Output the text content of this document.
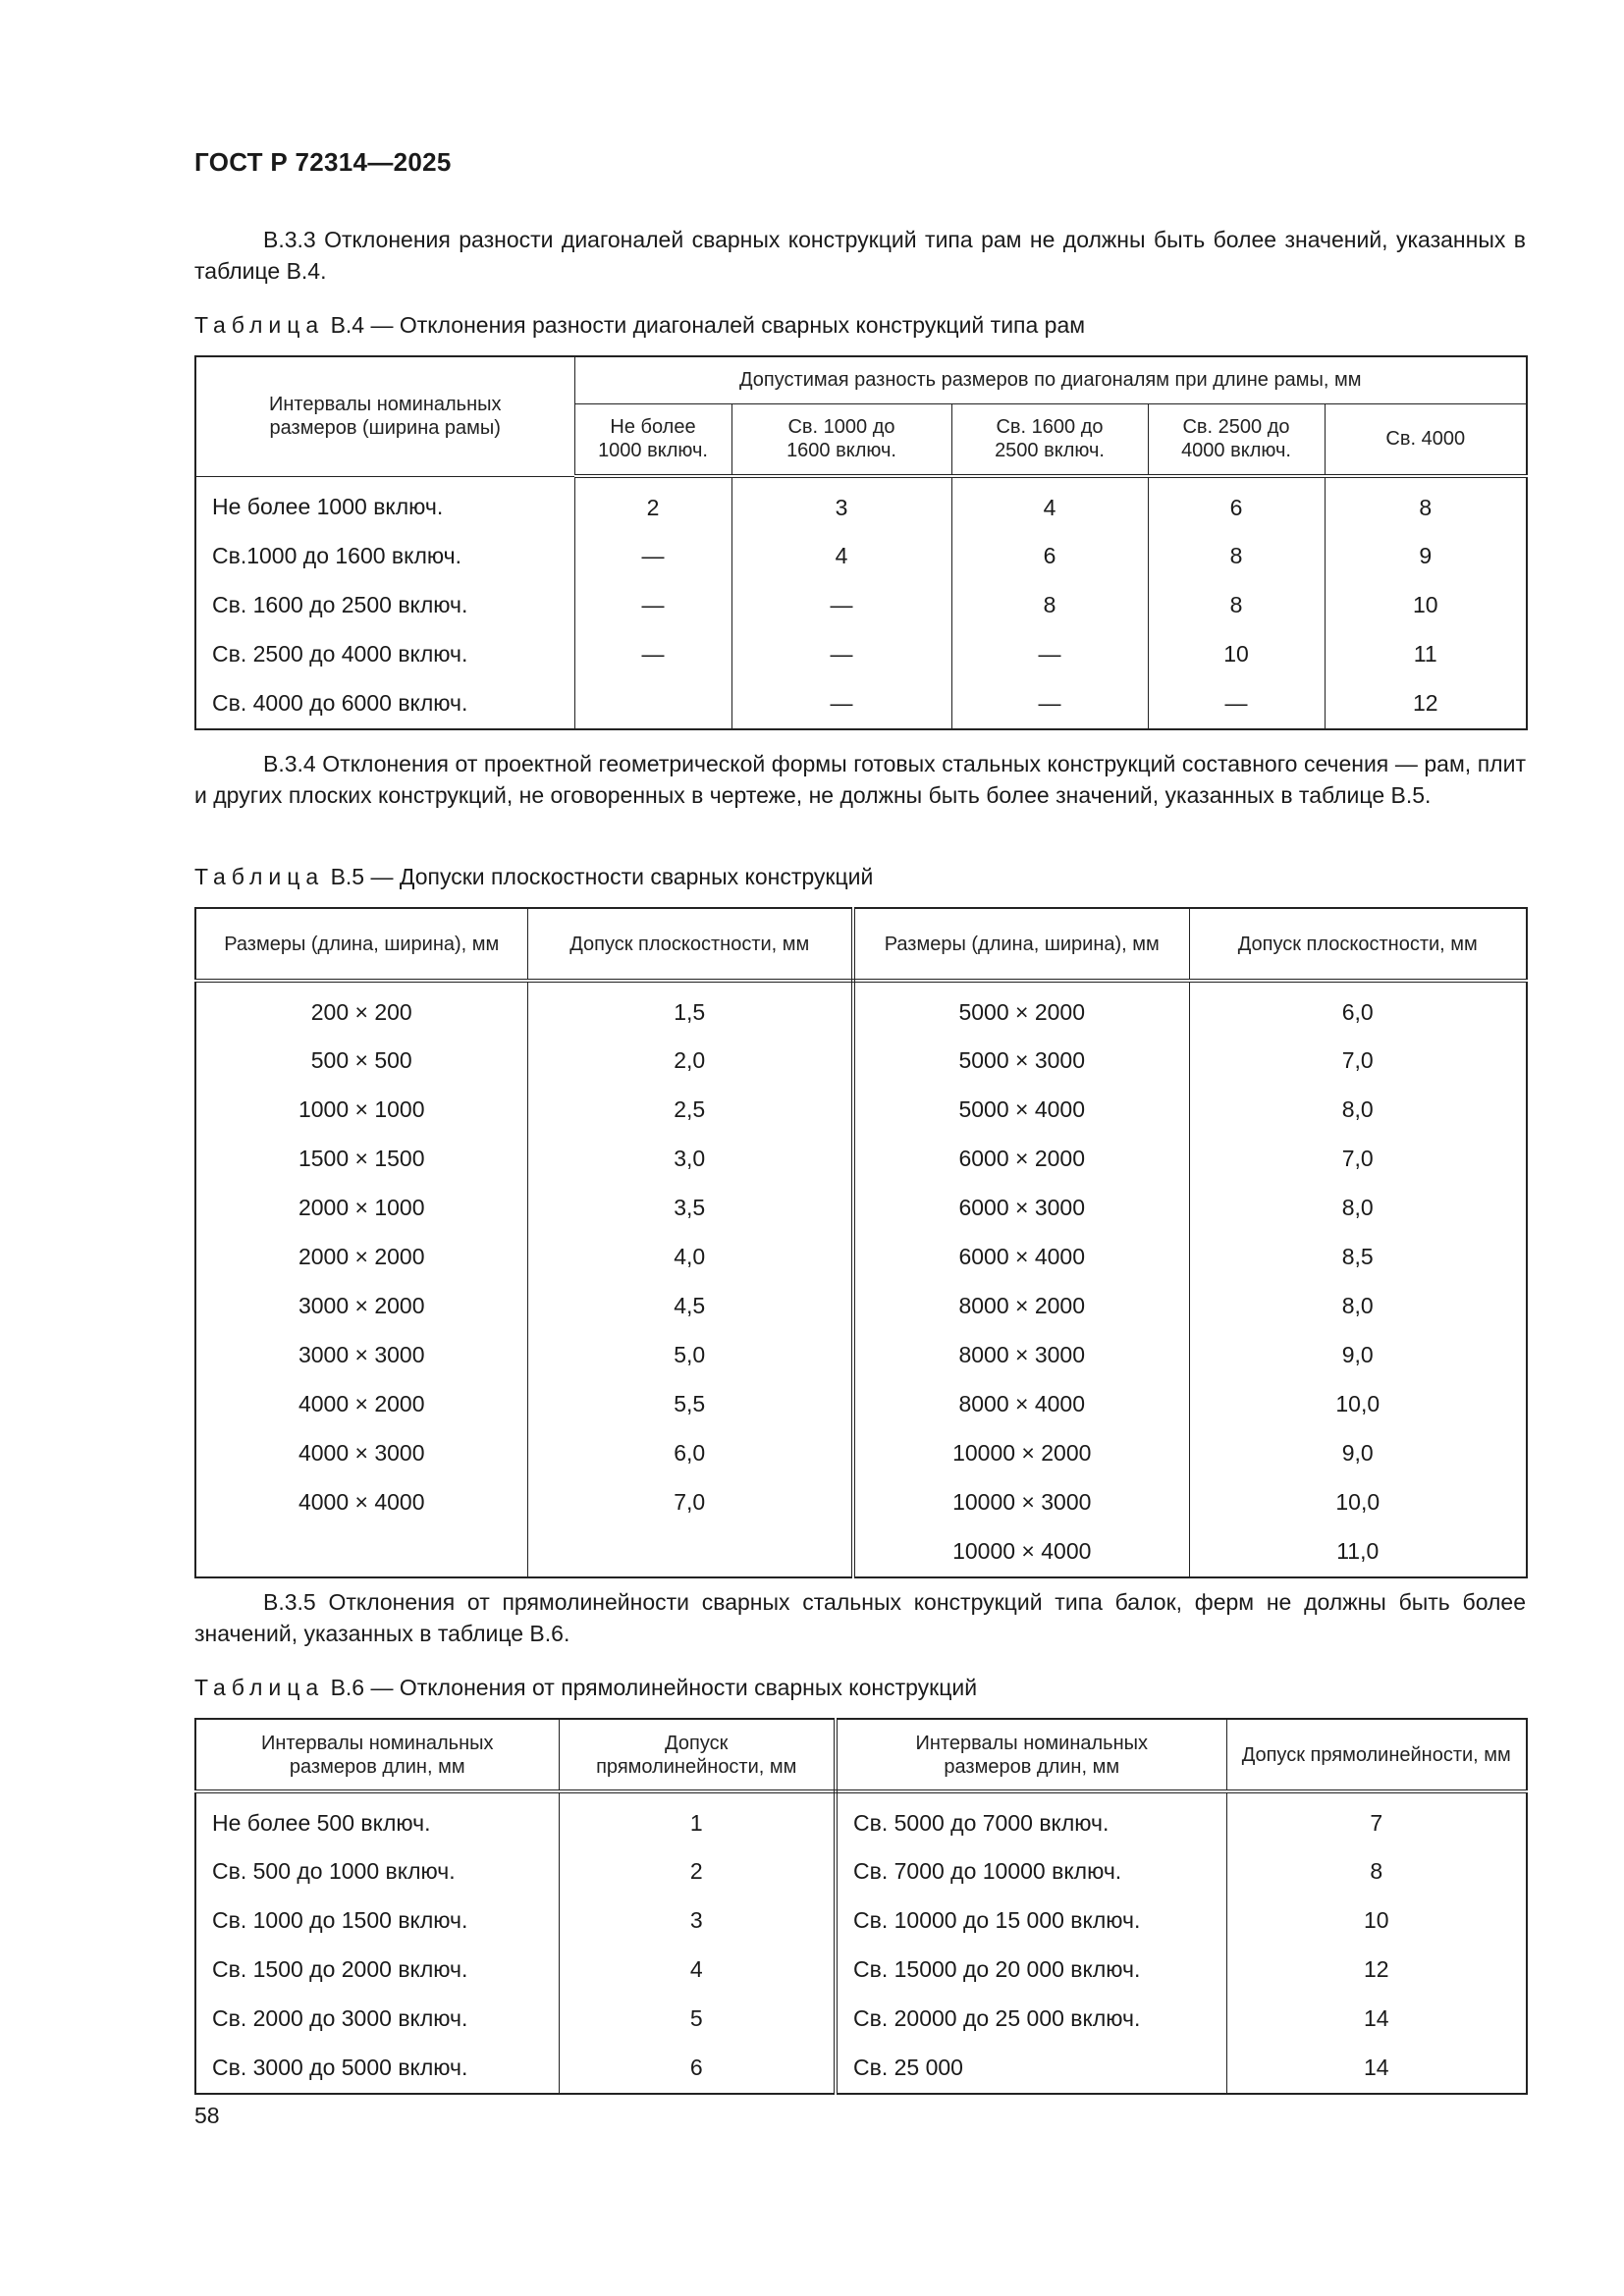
ГОСТ Р 72314—2025

В.3.3 Отклонения разности диагоналей сварных конструкций типа рам не должны быть более значений, указанных в таблице В.4.

Таблица В.4 — Отклонения разности диагоналей сварных конструкций типа рам
Интервалы номинальных размеров (ширина рамы)	Допустимая разность размеров по диагоналям при длине рамы, мм				
	Не более 1000 включ.	Св. 1000 до 1600 включ.	Св. 1600 до 2500 включ.	Св. 2500 до 4000 включ.	Св. 4000
Не более 1000 включ.	2	3	4	6	8
Св.1000 до 1600 включ.	—	4	6	8	9
Св. 1600 до 2500 включ.	—	—	8	8	10
Св. 2500 до 4000 включ.	—	—	—	10	11
Св. 4000 до 6000 включ.		—	—	—	12

В.3.4 Отклонения от проектной геометрической формы готовых стальных конструкций составного сечения — рам, плит и других плоских конструкций, не оговоренных в чертеже, не должны быть более значений, указанных в таблице В.5.

Таблица В.5 — Допуски плоскостности сварных конструкций
Размеры (длина, ширина), мм	Допуск плоскостности, мм	Размеры (длина, ширина), мм	Допуск плоскостности, мм
200 × 200	1,5	5000 × 2000	6,0
500 × 500	2,0	5000 × 3000	7,0
1000 × 1000	2,5	5000 × 4000	8,0
1500 × 1500	3,0	6000 × 2000	7,0
2000 × 1000	3,5	6000 × 3000	8,0
2000 × 2000	4,0	6000 × 4000	8,5
3000 × 2000	4,5	8000 × 2000	8,0
3000 × 3000	5,0	8000 × 3000	9,0
4000 × 2000	5,5	8000 × 4000	10,0
4000 × 3000	6,0	10000 × 2000	9,0
4000 × 4000	7,0	10000 × 3000	10,0
		10000 × 4000	11,0

В.3.5 Отклонения от прямолинейности сварных стальных конструкций типа балок, ферм не должны быть более значений, указанных в таблице В.6.

Таблица В.6 — Отклонения от прямолинейности сварных конструкций
Интервалы номинальных размеров длин, мм	Допуск прямолинейности, мм	Интервалы номинальных размеров длин, мм	Допуск прямолинейности, мм
Не более 500 включ.	1	Св. 5000 до 7000 включ.	7
Св. 500 до 1000 включ.	2	Св. 7000 до 10000 включ.	8
Св. 1000 до 1500 включ.	3	Св. 10000 до 15 000 включ.	10
Св. 1500 до 2000 включ.	4	Св. 15000 до 20 000 включ.	12
Св. 2000 до 3000 включ.	5	Св. 20000 до 25 000 включ.	14
Св. 3000 до 5000 включ.	6	Св. 25 000	14
58
